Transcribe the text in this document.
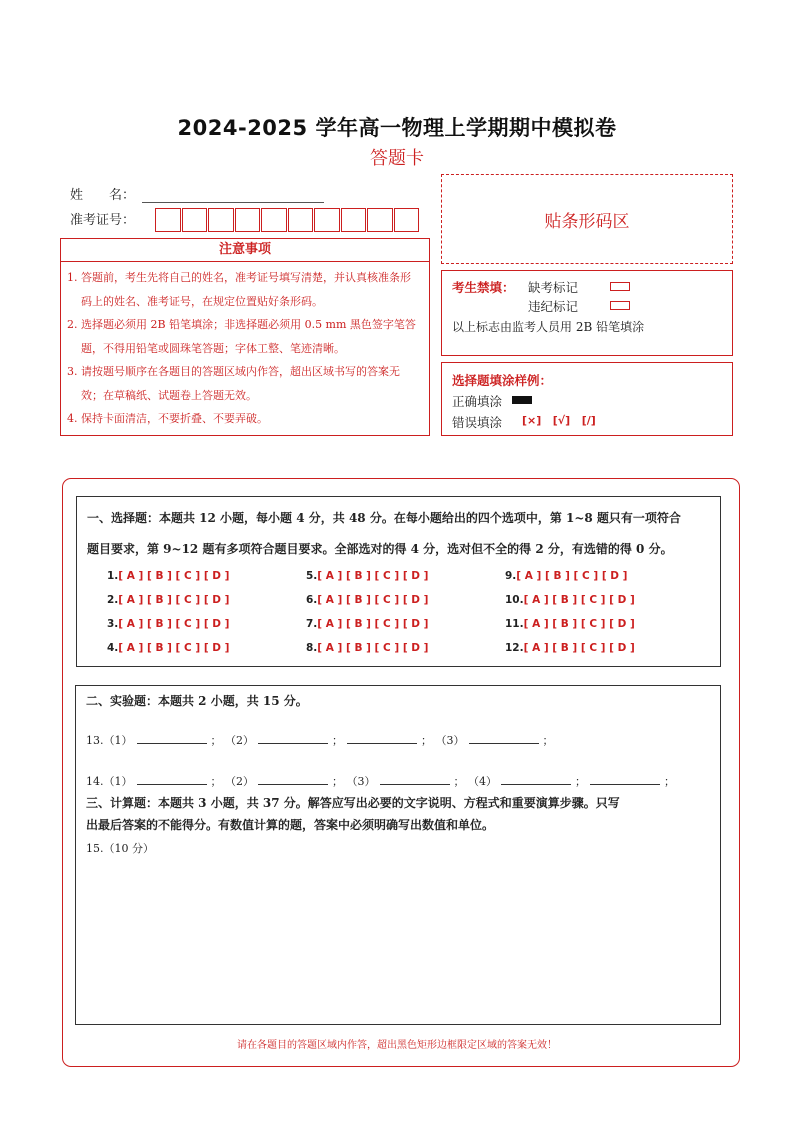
2024-2025 学年高一物理上学期期中模拟卷
答题卡
姓　　名：
准考证号：
注意事项
1. 答题前，考生先将自己的姓名，准考证号填写清楚，并认真核准条形码上的姓名、准考证号，在规定位置贴好条形码。
2. 选择题必须用 2B 铅笔填涂；非选择题必须用 0.5 mm 黑色签字笔答题，不得用铅笔或圆珠笔答题；字体工整、笔迹清晰。
3. 请按题号顺序在各题目的答题区域内作答，超出区域书写的答案无效；在草稿纸、试题卷上答题无效。
4. 保持卡面清洁，不要折叠、不要弄破。
贴条形码区
考生禁填： 缺考标记
违纪标记
以上标志由监考人员用 2B 铅笔填涂
选择题填涂样例：
正确填涂
错误填涂 [×] [√] [/]
一、选择题：本题共 12 小题，每小题 4 分，共 48 分。在每小题给出的四个选项中，第 1~8 题只有一项符合
题目要求，第 9~12 题有多项符合题目要求。全部选对的得 4 分，选对但不全的得 2 分，有选错的得 0 分。
1.[ A ] [ B ] [ C ] [ D ]
2.[ A ] [ B ] [ C ] [ D ]
3.[ A ] [ B ] [ C ] [ D ]
4.[ A ] [ B ] [ C ] [ D ]
5.[ A ] [ B ] [ C ] [ D ]
6.[ A ] [ B ] [ C ] [ D ]
7.[ A ] [ B ] [ C ] [ D ]
8.[ A ] [ B ] [ C ] [ D ]
9.[ A ] [ B ] [ C ] [ D ]
10.[ A ] [ B ] [ C ] [ D ]
11.[ A ] [ B ] [ C ] [ D ]
12.[ A ] [ B ] [ C ] [ D ]
二、实验题：本题共 2 小题，共 15 分。
13.（1）	； （2）	；	； （3）	；
14.（1）	； （2）	； （3）	； （4）	；	；
三、计算题：本题共 3 小题，共 37 分。解答应写出必要的文字说明、方程式和重要演算步骤。只写
出最后答案的不能得分。有数值计算的题，答案中必须明确写出数值和单位。
15.（10 分）
请在各题目的答题区域内作答，超出黑色矩形边框限定区域的答案无效！
